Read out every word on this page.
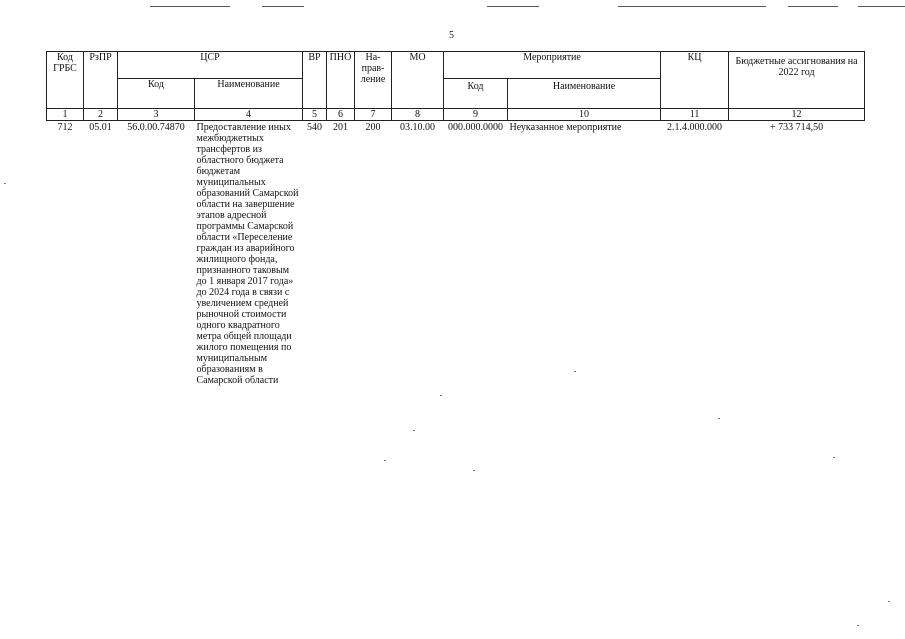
5
Код ГРБС	РзПР	ЦСР		ВР	ПНО	На-прав-ление	МО	Мероприятие		КЦ	Бюджетные ассигнования на 2022 год
		Код	Наименование					Код	Наименование		
1	2	3	4	5	6	7	8	9	10	11	12
712	05.01	56.0.00.74870	Предоставление иных межбюджетных трансфертов из областного бюджета бюджетам муниципальных образований Самарской области на завершение этапов адресной программы Самарской области «Переселение граждан из аварийного жилищного фонда, признанного таковым до 1 января 2017 года» до 2024 года в связи с увеличением средней рыночной стоимости одного квадратного метра общей площади жилого помещения по муниципальным образованиям в Самарской области	540	201	200	03.10.00	000.000.0000	Неуказанное мероприятие	2.1.4.000.000	+ 733 714,50
